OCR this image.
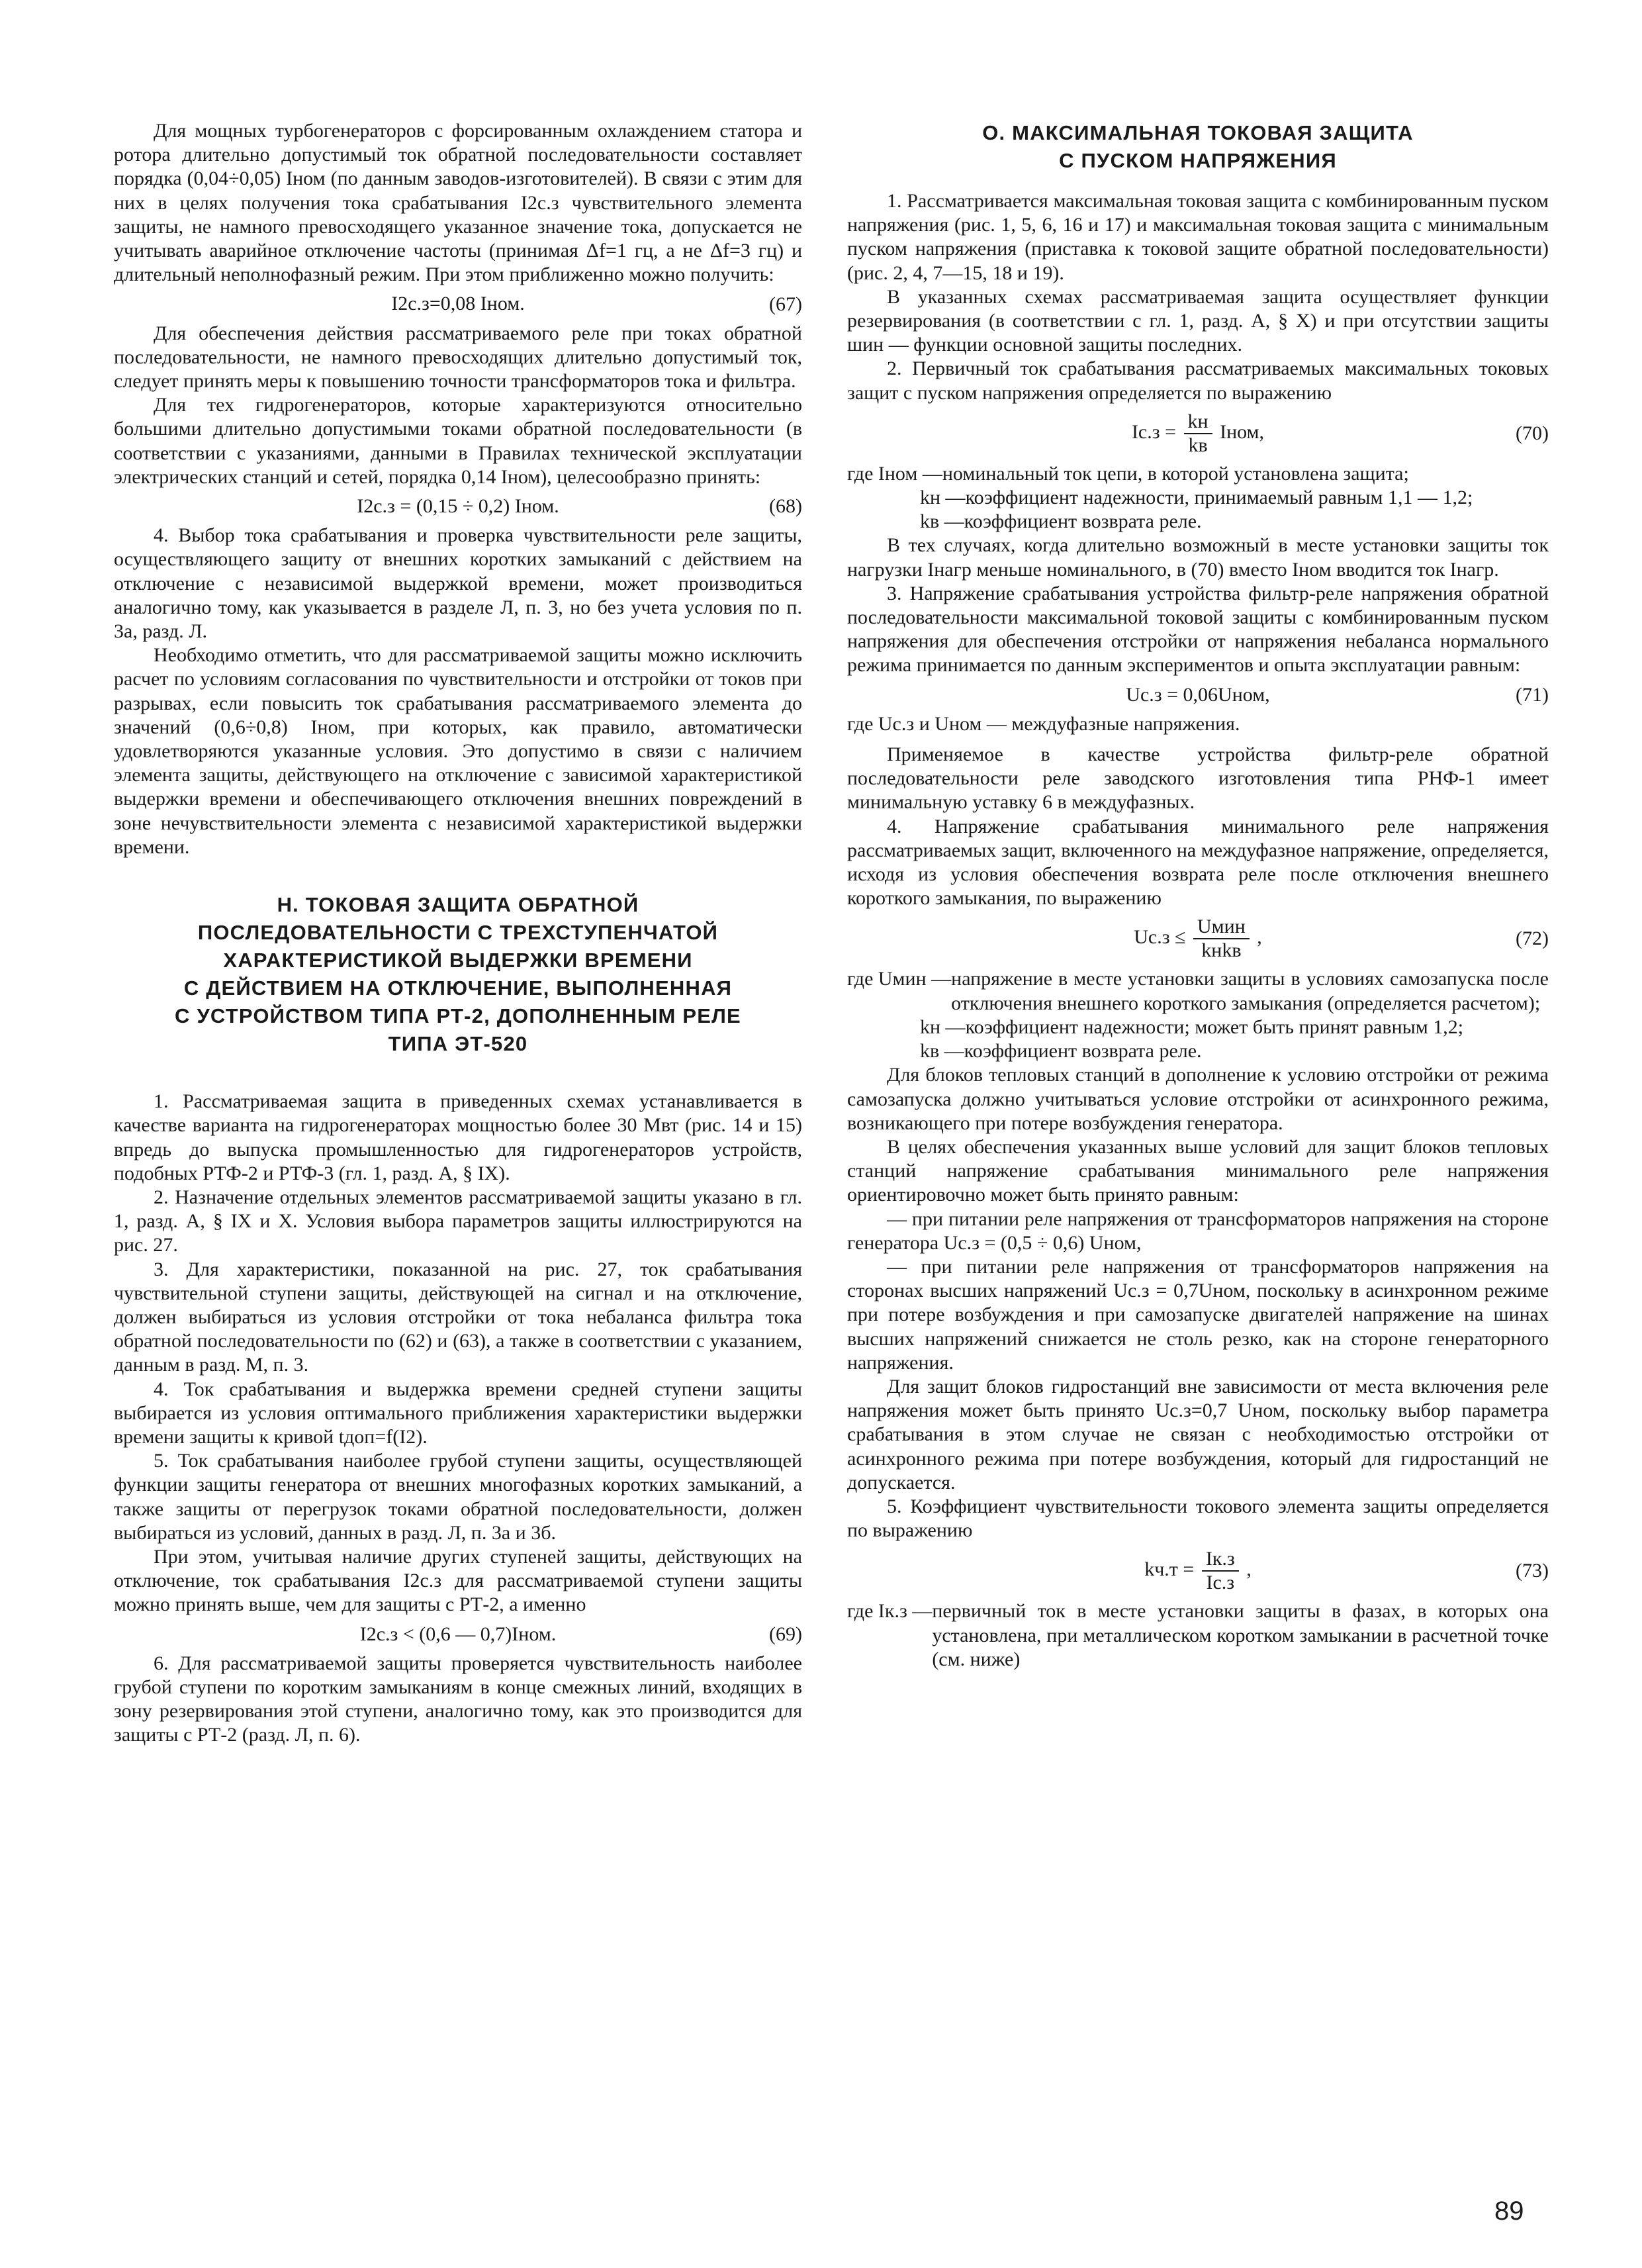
Для мощных турбогенераторов с форсированным охлаждением статора и ротора длительно допустимый ток обратной последовательности составляет порядка (0,04÷0,05) Iном (по данным заводов-изготовителей). В связи с этим для них в целях получения тока срабатывания I2с.з чувствительного элемента защиты, не намного превосходящего указанное значение тока, допускается не учитывать аварийное отключение частоты (принимая Δf=1 гц, а не Δf=3 гц) и длительный неполнофазный режим. При этом приближенно можно получить:

I2с.з=0,08 Iном.	(67)

Для обеспечения действия рассматриваемого реле при токах обратной последовательности, не намного превосходящих длительно допустимый ток, следует принять меры к повышению точности трансформаторов тока и фильтра.

Для тех гидрогенераторов, которые характеризуются относительно большими длительно допустимыми токами обратной последовательности (в соответствии с указаниями, данными в Правилах технической эксплуатации электрических станций и сетей, порядка 0,14 Iном), целесообразно принять:

I2с.з = (0,15 ÷ 0,2) Iном.	(68)

4. Выбор тока срабатывания и проверка чувствительности реле защиты, осуществляющего защиту от внешних коротких замыканий с действием на отключение с независимой выдержкой времени, может производиться аналогично тому, как указывается в разделе Л, п. 3, но без учета условия по п. 3а, разд. Л.

Необходимо отметить, что для рассматриваемой защиты можно исключить расчет по условиям согласования по чувствительности и отстройки от токов при разрывах, если повысить ток срабатывания рассматриваемого элемента до значений (0,6÷0,8) Iном, при которых, как правило, автоматически удовлетворяются указанные условия. Это допустимо в связи с наличием элемента защиты, действующего на отключение с зависимой характеристикой выдержки времени и обеспечивающего отключения внешних повреждений в зоне нечувствительности элемента с независимой характеристикой выдержки времени.

Н. ТОКОВАЯ ЗАЩИТА ОБРАТНОЙ
ПОСЛЕДОВАТЕЛЬНОСТИ С ТРЕХСТУПЕНЧАТОЙ
ХАРАКТЕРИСТИКОЙ ВЫДЕРЖКИ ВРЕМЕНИ
С ДЕЙСТВИЕМ НА ОТКЛЮЧЕНИЕ, ВЫПОЛНЕННАЯ
С УСТРОЙСТВОМ ТИПА РТ-2, ДОПОЛНЕННЫМ РЕЛЕ
ТИПА ЭТ-520

1. Рассматриваемая защита в приведенных схемах устанавливается в качестве варианта на гидрогенераторах мощностью более 30 Мвт (рис. 14 и 15) впредь до выпуска промышленностью для гидрогенераторов устройств, подобных РТФ-2 и РТФ-3 (гл. 1, разд. А, § IX).

2. Назначение отдельных элементов рассматриваемой защиты указано в гл. 1, разд. А, § IX и X. Условия выбора параметров защиты иллюстрируются на рис. 27.

3. Для характеристики, показанной на рис. 27, ток срабатывания чувствительной ступени защиты, действующей на сигнал и на отключение, должен выбираться из условия отстройки от тока небаланса фильтра тока обратной последовательности по (62) и (63), а также в соответствии с указанием, данным в разд. М, п. 3.

4. Ток срабатывания и выдержка времени средней ступени защиты выбирается из условия оптимального приближения характеристики выдержки времени защиты к кривой tдоп=f(I2).

5. Ток срабатывания наиболее грубой ступени защиты, осуществляющей функции защиты генератора от внешних многофазных коротких замыканий, а также защиты от перегрузок токами обратной последовательности, должен выбираться из условий, данных в разд. Л, п. 3а и 3б.

При этом, учитывая наличие других ступеней защиты, действующих на отключение, ток срабатывания I2с.з для рассматриваемой ступени защиты можно принять выше, чем для защиты с РТ-2, а именно

I2с.з < (0,6 — 0,7)Iном.	(69)

6. Для рассматриваемой защиты проверяется чувствительность наиболее грубой ступени по коротким замыканиям в конце смежных линий, входящих в зону резервирования этой ступени, аналогично тому, как это производится для защиты с РТ-2 (разд. Л, п. 6).

О. МАКСИМАЛЬНАЯ ТОКОВАЯ ЗАЩИТА
С ПУСКОМ НАПРЯЖЕНИЯ

1. Рассматривается максимальная токовая защита с комбинированным пуском напряжения (рис. 1, 5, 6, 16 и 17) и максимальная токовая защита с минимальным пуском напряжения (приставка к токовой защите обратной последовательности) (рис. 2, 4, 7—15, 18 и 19).

В указанных схемах рассматриваемая защита осуществляет функции резервирования (в соответствии с гл. 1, разд. А, § X) и при отсутствии защиты шин — функции основной защиты последних.

2. Первичный ток срабатывания рассматриваемых максимальных токовых защит с пуском напряжения определяется по выражению

$Iс.з = \frac{kн}{kв}$ Iном,	(70)
где Iном — номинальный ток цепи, в которой установлена защита;
kн — коэффициент надежности, принимаемый равным 1,1 — 1,2;
kв — коэффициент возврата реле.

В тех случаях, когда длительно возможный в месте установки защиты ток нагрузки Iнагр меньше номинального, в (70) вместо Iном вводится ток Iнагр.

3. Напряжение срабатывания устройства фильтр-реле напряжения обратной последовательности максимальной токовой защиты с комбинированным пуском напряжения для обеспечения отстройки от напряжения небаланса нормального режима принимается по данным экспериментов и опыта эксплуатации равным:

Uс.з = 0,06Uном,	(71)

где Uс.з и Uном — междуфазные напряжения.

Применяемое в качестве устройства фильтр-реле обратной последовательности реле заводского изготовления типа РНФ-1 имеет минимальную уставку 6 в междуфазных.

4. Напряжение срабатывания минимального реле напряжения рассматриваемых защит, включенного на междуфазное напряжение, определяется, исходя из условия обеспечения возврата реле после отключения внешнего короткого замыкания, по выражению

$Uс.з \le \frac{\text{Uмин}}{\text{kнkв}}$ ,	(72)
где Uмин — напряжение в месте установки защиты в условиях самозапуска после отключения внешнего короткого замыкания (определяется расчетом);
kн — коэффициент надежности; может быть принят равным 1,2;
kв — коэффициент возврата реле.

Для блоков тепловых станций в дополнение к условию отстройки от режима самозапуска должно учитываться условие отстройки от асинхронного режима, возникающего при потере возбуждения генератора.

В целях обеспечения указанных выше условий для защит блоков тепловых станций напряжение срабатывания минимального реле напряжения ориентировочно может быть принято равным:

— при питании реле напряжения от трансформаторов напряжения на стороне генератора Uс.з = (0,5 ÷ 0,6) Uном,

— при питании реле напряжения от трансформаторов напряжения на сторонах высших напряжений Uс.з = 0,7Uном, поскольку в асинхронном режиме при потере возбуждения и при самозапуске двигателей напряжение на шинах высших напряжений снижается не столь резко, как на стороне генераторного напряжения.

Для защит блоков гидростанций вне зависимости от места включения реле напряжения может быть принято Uс.з=0,7 Uном, поскольку выбор параметра срабатывания в этом случае не связан с необходимостью отстройки от асинхронного режима при потере возбуждения, который для гидростанций не допускается.

5. Коэффициент чувствительности токового элемента защиты определяется по выражению

$kч.т = \frac{Iк.з}{Iс.з}$ ,	(73)
где Iк.з — первичный ток в месте установки защиты в фазах, в которых она установлена, при металлическом коротком замыкании в расчетной точке (см. ниже)
89
